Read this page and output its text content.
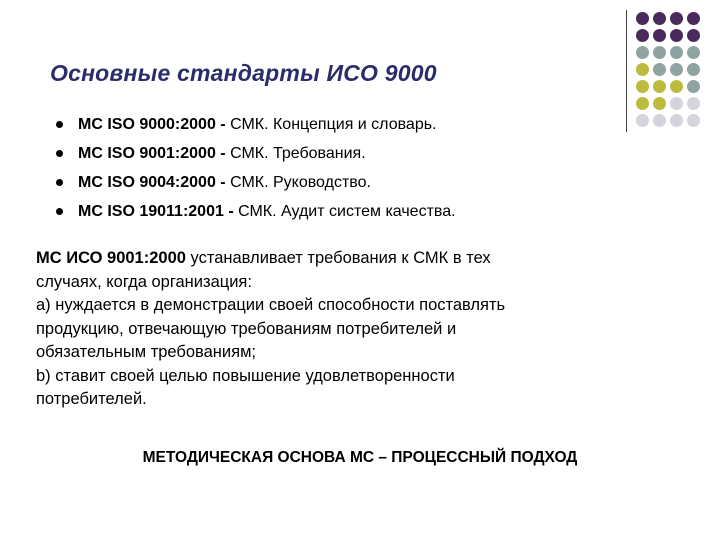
Основные стандарты ИСО 9000
МС ISO 9000:2000 - СМК. Концепция и словарь.
МС ISO 9001:2000 - СМК. Требования.
МС ISO 9004:2000 - СМК. Руководство.
МС ISO 19011:2001 - СМК. Аудит систем качества.

МС ИСО 9001:2000 устанавливает требования к СМК в тех

случаях, когда организация:

а) нуждается в демонстрации своей способности поставлять

продукцию, отвечающую требованиям потребителей и

обязательным требованиям;

b) ставит своей целью повышение удовлетворенности

потребителей.

МЕТОДИЧЕСКАЯ ОСНОВА МС – ПРОЦЕССНЫЙ ПОДХОД
